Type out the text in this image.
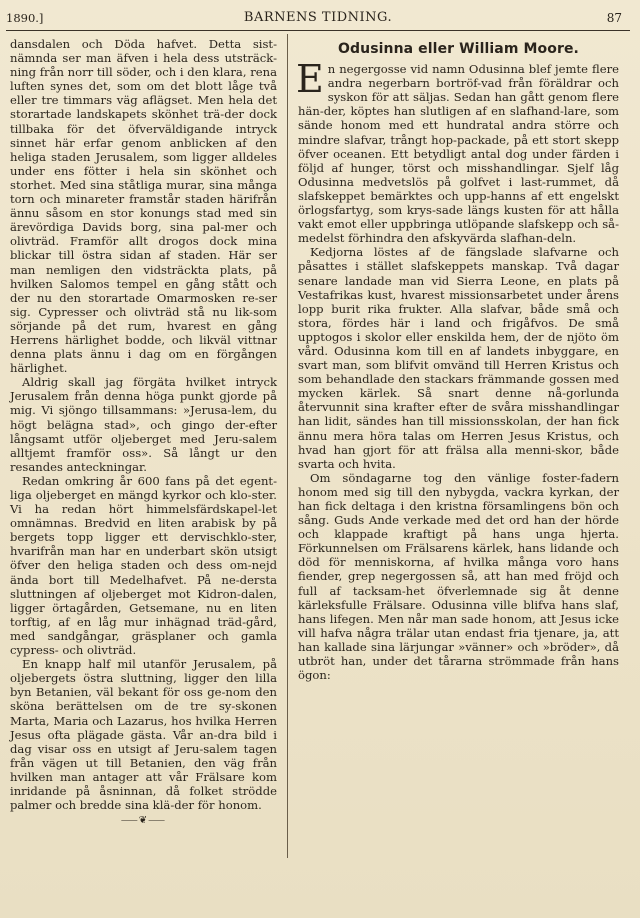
1890.]	BARNENS TIDNING.	87

dansdalen och Döda hafvet. Detta sist-nämnda ser man äfven i hela dess utsträck-ning från norr till söder, och i den klara, rena luften synes det, som om det blott låge två eller tre timmars väg aflägset. Men hela det storartade landskapets skönhet trä-der dock tillbaka för det öfverväldigande intryck sinnet här erfar genom anblicken af den heliga staden Jerusalem, som ligger alldeles under ens fötter i hela sin skönhet och storhet. Med sina ståtliga murar, sina många torn och minareter framstår staden härifrån ännu såsom en stor konungs stad med sin ärevördiga Davids borg, sina pal-mer och olivträd. Framför allt drogos dock mina blickar till östra sidan af staden. Här ser man nemligen den vidsträckta plats, på hvilken Salomos tempel en gång stått och der nu den storartade Omarmosken re-ser sig. Cypresser och olivträd stå nu lik-som sörjande på det rum, hvarest en gång Herrens härlighet bodde, och likväl vittnar denna plats ännu i dag om en förgången härlighet.

Aldrig skall jag förgäta hvilket intryck Jerusalem från denna höga punkt gjorde på mig. Vi sjöngo tillsammans: »Jerusa-lem, du högt belägna stad», och gingo der-efter långsamt utför oljeberget med Jeru-salem alltjemt framför oss». Så långt ur den resandes anteckningar.

Redan omkring år 600 fans på det egent-liga oljeberget en mängd kyrkor och klo-ster. Vi ha redan hört himmelsfärdskapel-let omnämnas. Bredvid en liten arabisk by på bergets topp ligger ett dervischklo-ster, hvarifrån man har en underbart skön utsigt öfver den heliga staden och dess om-nejd ända bort till Medelhafvet. På ne-dersta sluttningen af oljeberget mot Kidron-dalen, ligger örtagården, Getsemane, nu en liten torftig, af en låg mur inhägnad träd-gård, med sandgångar, gräsplaner och gamla cypress- och olivträd.

En knapp half mil utanför Jerusalem, på oljebergets östra sluttning, ligger den lilla byn Betanien, väl bekant för oss ge-nom den sköna berättelsen om de tre sy-skonen Marta, Maria och Lazarus, hos hvilka Herren Jesus ofta plägade gästa. Vår an-dra bild i dag visar oss en utsigt af Jeru-salem tagen från vägen ut till Betanien, den väg från hvilken man antager att vår Frälsare kom inridande på åsninnan, då folket strödde palmer och bredde sina klä-der för honom.

⸺❦⸺
Odusinna eller William Moore.

En negergosse vid namn Odusinna blef jemte flere andra negerbarn bortröf-vad från föräldrar och syskon för att säljas. Sedan han gått genom flere hän-der, köptes han slutligen af en slafhand-lare, som sände honom med ett hundratal andra större och mindre slafvar, trångt hop-packade, på ett stort skepp öfver oceanen. Ett betydligt antal dog under färden i följd af hunger, törst och misshandlingar. Sjelf låg Odusinna medvetslös på golfvet i last-rummet, då slafskeppet bemärktes och upp-hanns af ett engelskt örlogsfartyg, som krys-sade längs kusten för att hålla vakt emot eller uppbringa utlöpande slafskepp och så-medelst förhindra den afskyvärda slafhan-deln.

Kedjorna löstes af de fängslade slafvarne och påsattes i stället slafskeppets manskap. Två dagar senare landade man vid Sierra Leone, en plats på Vestafrikas kust, hvarest missionsarbetet under årens lopp burit rika frukter. Alla slafvar, både små och stora, fördes här i land och frigåfvos. De små upptogos i skolor eller enskilda hem, der de njöto öm vård. Odusinna kom till en af landets inbyggare, en svart man, som blifvit omvänd till Herren Kristus och som behandlade den stackars främmande gossen med mycken kärlek. Så snart denne nå-gorlunda återvunnit sina krafter efter de svåra misshandlingar han lidit, sändes han till missionsskolan, der han fick ännu mera höra talas om Herren Jesus Kristus, och hvad han gjort för att frälsa alla menni-skor, både svarta och hvita.

Om söndagarne tog den vänlige foster-fadern honom med sig till den nybygda, vackra kyrkan, der han fick deltaga i den kristna församlingens bön och sång. Guds Ande verkade med det ord han der hörde och klappade kraftigt på hans unga hjerta. Förkunnelsen om Frälsarens kärlek, hans lidande och död för menniskorna, af hvilka många voro hans fiender, grep negergossen så, att han med fröjd och full af tacksam-het öfverlemnade sig åt denne kärleksfulle Frälsare. Odusinna ville blifva hans slaf, hans lifegen. Men når man sade honom, att Jesus icke vill hafva några trälar utan endast fria tjenare, ja, att han kallade sina lärjungar »vänner» och »bröder», då utbröt han, under det tårarna strömmade från hans ögon:
